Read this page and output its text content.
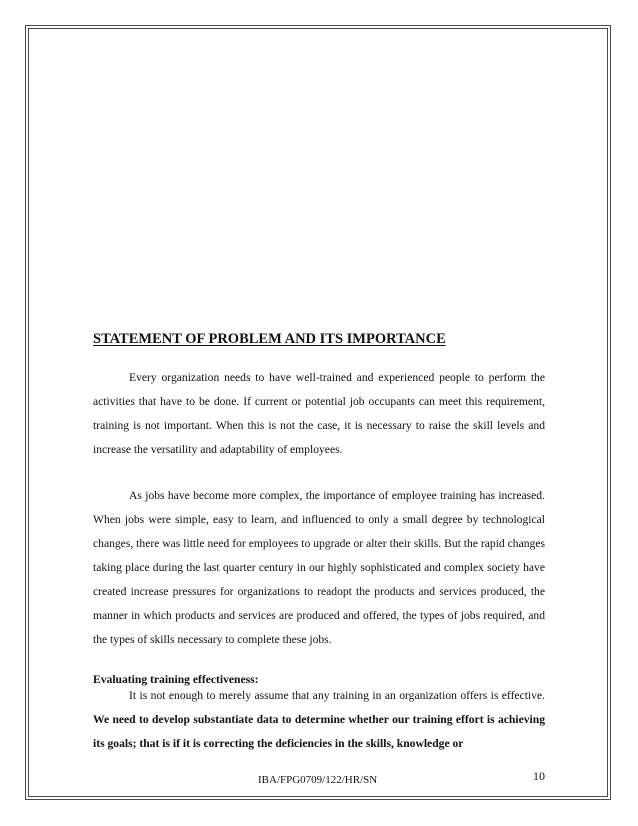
STATEMENT OF PROBLEM AND ITS IMPORTANCE

Every organization needs to have well-trained and experienced people to perform the activities that have to be done. If current or potential job occupants can meet this requirement, training is not important. When this is not the case, it is necessary to raise the skill levels and increase the versatility and adaptability of employees.

As jobs have become more complex, the importance of employee training has increased. When jobs were simple, easy to learn, and influenced to only a small degree by technological changes, there was little need for employees to upgrade or alter their skills. But the rapid changes taking place during the last quarter century in our highly sophisticated and complex society have created increase pressures for organizations to readopt the products and services produced, the manner in which products and services are produced and offered, the types of jobs required, and the types of skills necessary to complete these jobs.

Evaluating training effectiveness:

It is not enough to merely assume that any training in an organization offers is effective. We need to develop substantiate data to determine whether our training effort is achieving its goals; that is if it is correcting the deficiencies in the skills, knowledge or

IBA/FPG0709/122/HR/SN	10
